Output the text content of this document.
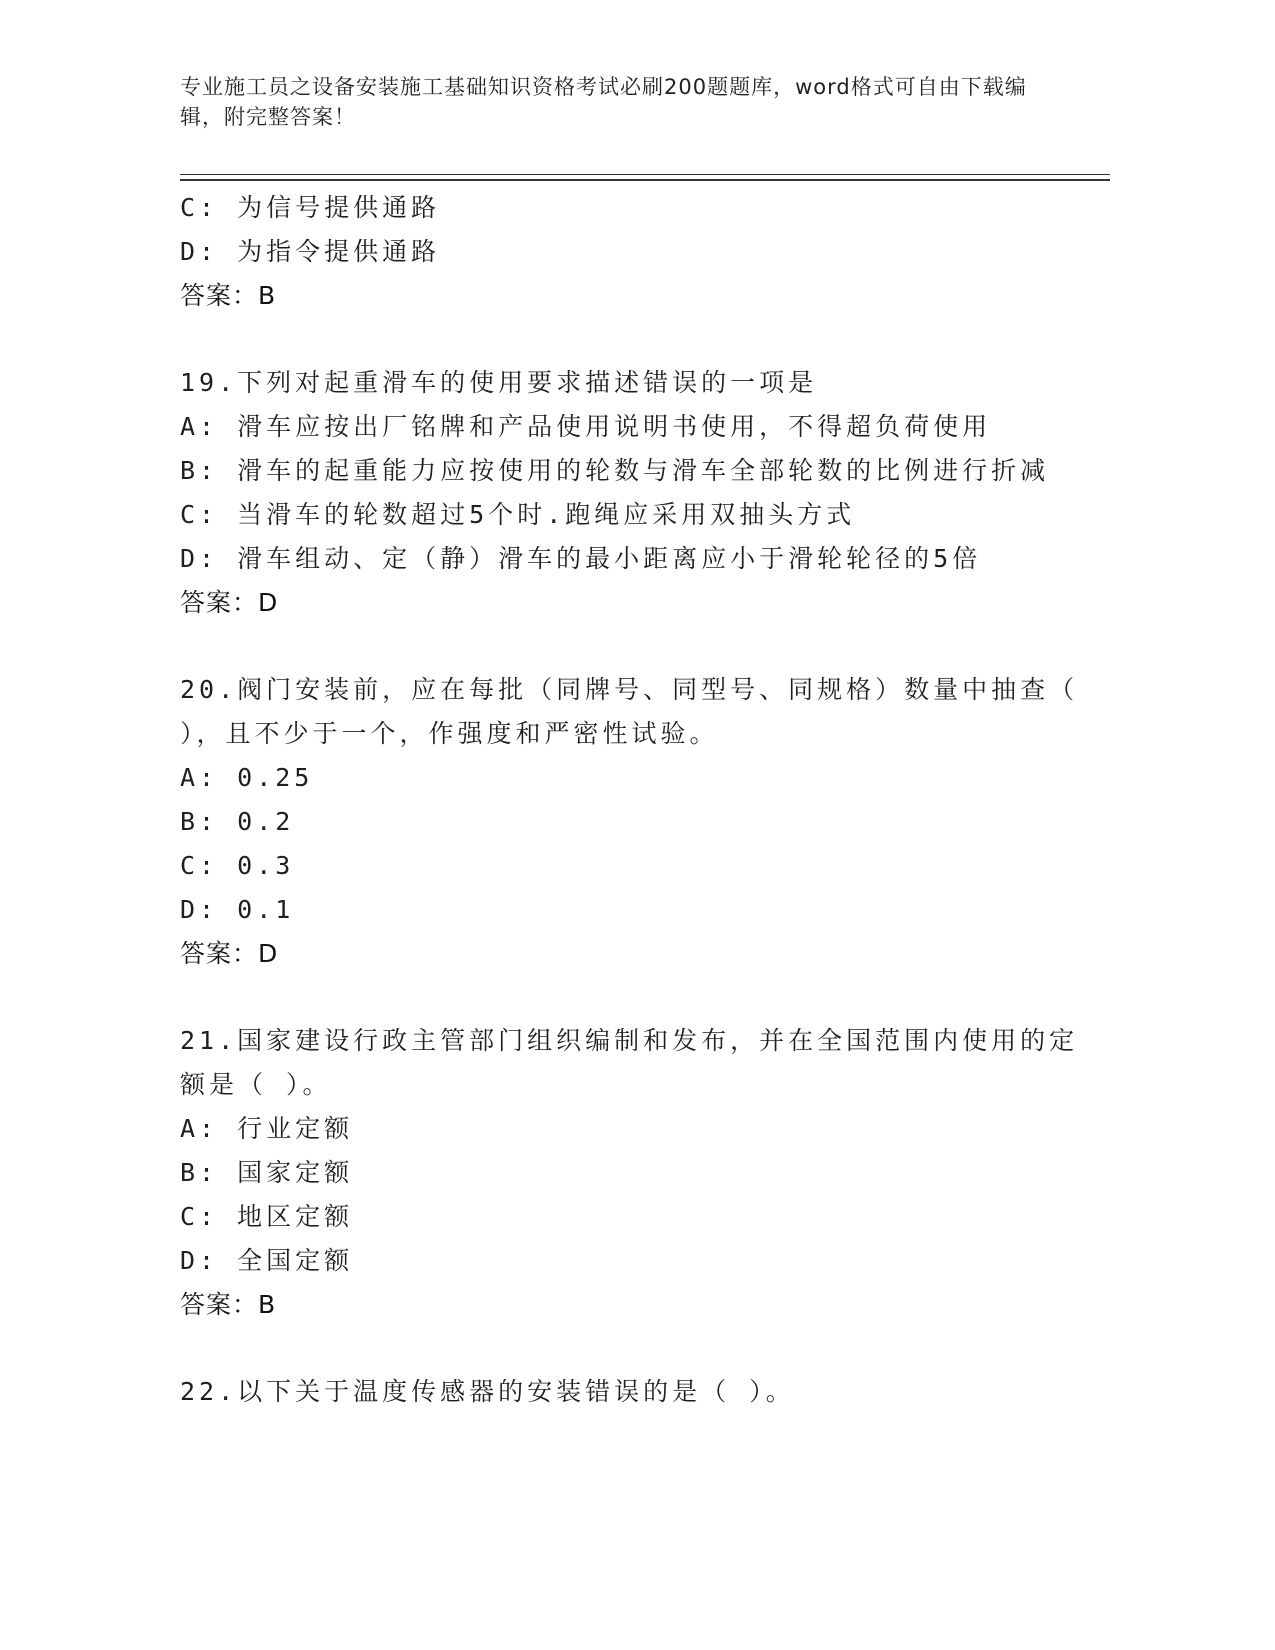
专业施工员之设备安装施工基础知识资格考试必刷200题题库，word格式可自由下载编辑，附完整答案！
C: 为信号提供通路
D: 为指令提供通路
答案：B
19.下列对起重滑车的使用要求描述错误的一项是
A: 滑车应按出厂铭牌和产品使用说明书使用，不得超负荷使用
B: 滑车的起重能力应按使用的轮数与滑车全部轮数的比例进行折减
C: 当滑车的轮数超过5个时.跑绳应采用双抽头方式
D: 滑车组动、定（静）滑车的最小距离应小于滑轮轮径的5倍
答案：D
20.阀门安装前，应在每批（同牌号、同型号、同规格）数量中抽查（
），且不少于一个，作强度和严密性试验。
A: 0.25
B: 0.2
C: 0.3
D: 0.1
答案：D
21.国家建设行政主管部门组织编制和发布，并在全国范围内使用的定
额是（ ）。
A: 行业定额
B: 国家定额
C: 地区定额
D: 全国定额
答案：B
22.以下关于温度传感器的安装错误的是（ ）。
